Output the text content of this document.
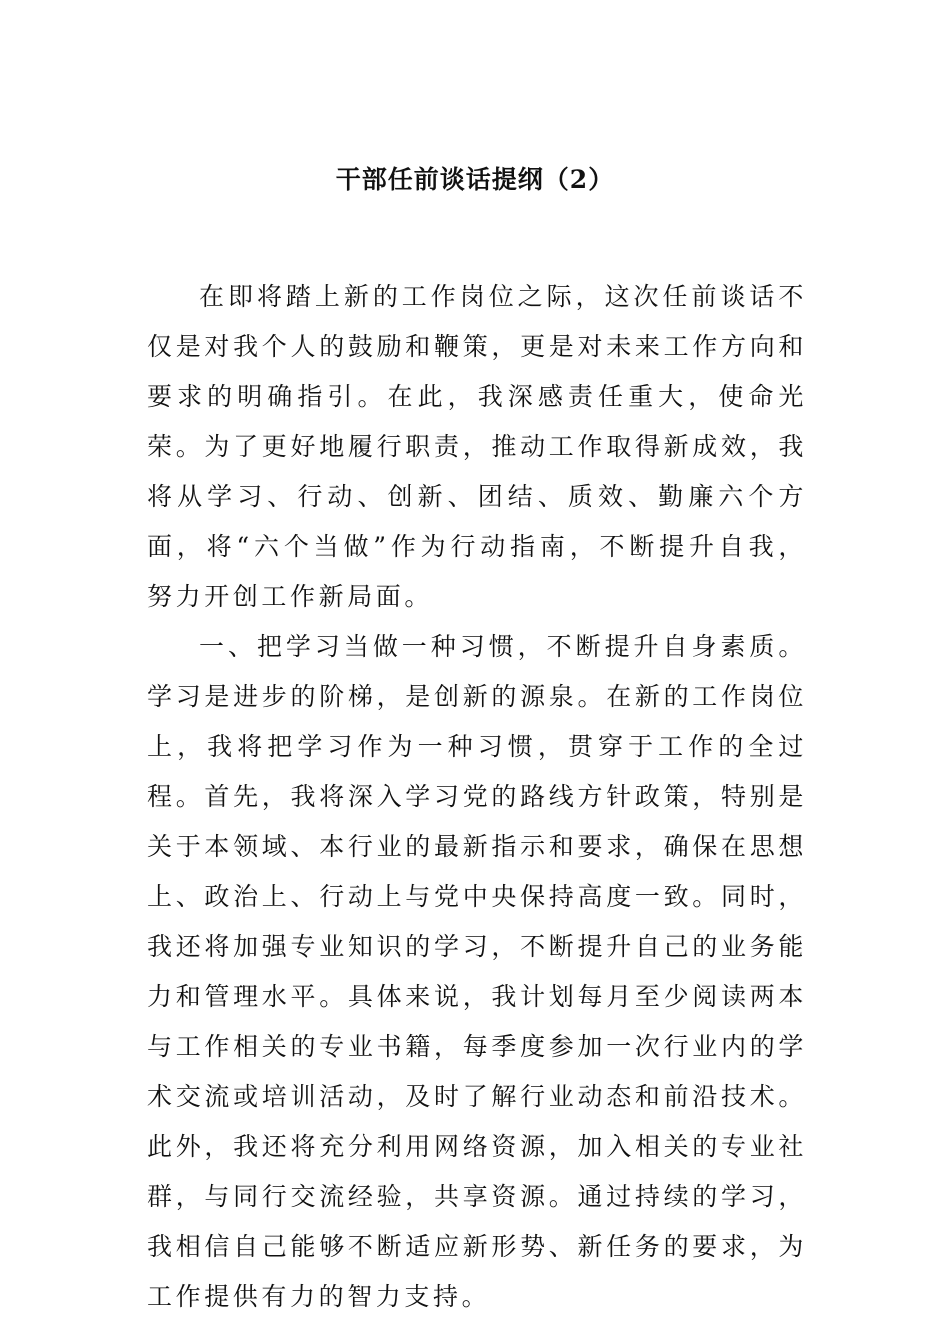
干部任前谈话提纲（2）

在即将踏上新的工作岗位之际，这次任前谈话不仅是对我个人的鼓励和鞭策，更是对未来工作方向和要求的明确指引。在此，我深感责任重大，使命光荣。为了更好地履行职责，推动工作取得新成效，我将从学习、行动、创新、团结、质效、勤廉六个方面，将“六个当做”作为行动指南，不断提升自我，努力开创工作新局面。

一、把学习当做一种习惯，不断提升自身素质。学习是进步的阶梯，是创新的源泉。在新的工作岗位上，我将把学习作为一种习惯，贯穿于工作的全过程。首先，我将深入学习党的路线方针政策，特别是关于本领域、本行业的最新指示和要求，确保在思想上、政治上、行动上与党中央保持高度一致。同时，我还将加强专业知识的学习，不断提升自己的业务能力和管理水平。具体来说，我计划每月至少阅读两本与工作相关的专业书籍，每季度参加一次行业内的学术交流或培训活动，及时了解行业动态和前沿技术。此外，我还将充分利用网络资源，加入相关的专业社群，与同行交流经验，共享资源。通过持续的学习，我相信自己能够不断适应新形势、新任务的要求，为工作提供有力的智力支持。
